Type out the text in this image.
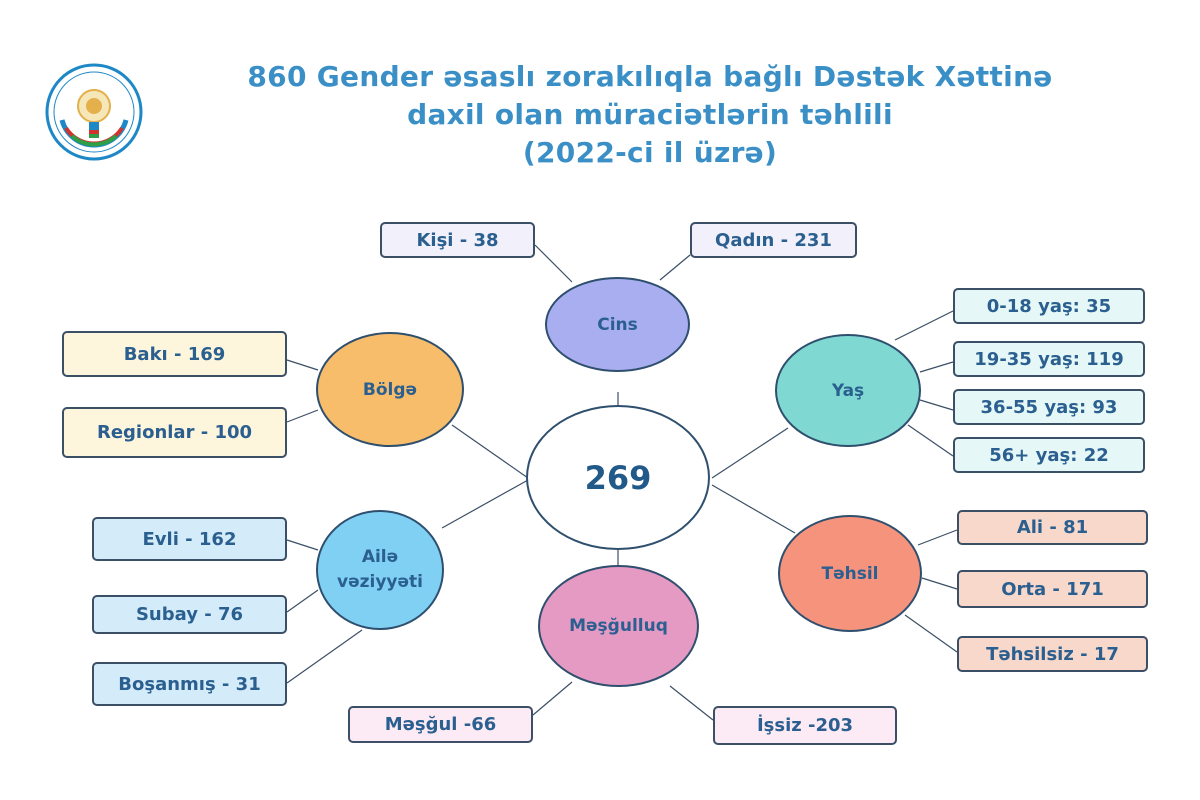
860 Gender əsaslı zorakılıqla bağlı Dəstək Xəttinə
daxil olan müraciətlərin təhlili
(2022-ci il üzrə)
269
Cins
Kişi - 38	Qadın - 231
Bölgə
Bakı - 169
Regionlar - 100
Yaş
0-18 yaş: 35
19-35 yaş: 119
36-55 yaş: 93
56+ yaş: 22
Ailə
vəziyyəti
Evli - 162
Subay - 76
Boşanmış - 31
Məşğulluq
Məşğul -66	İşsiz -203
Təhsil
Ali - 81
Orta - 171
Təhsilsiz - 17
